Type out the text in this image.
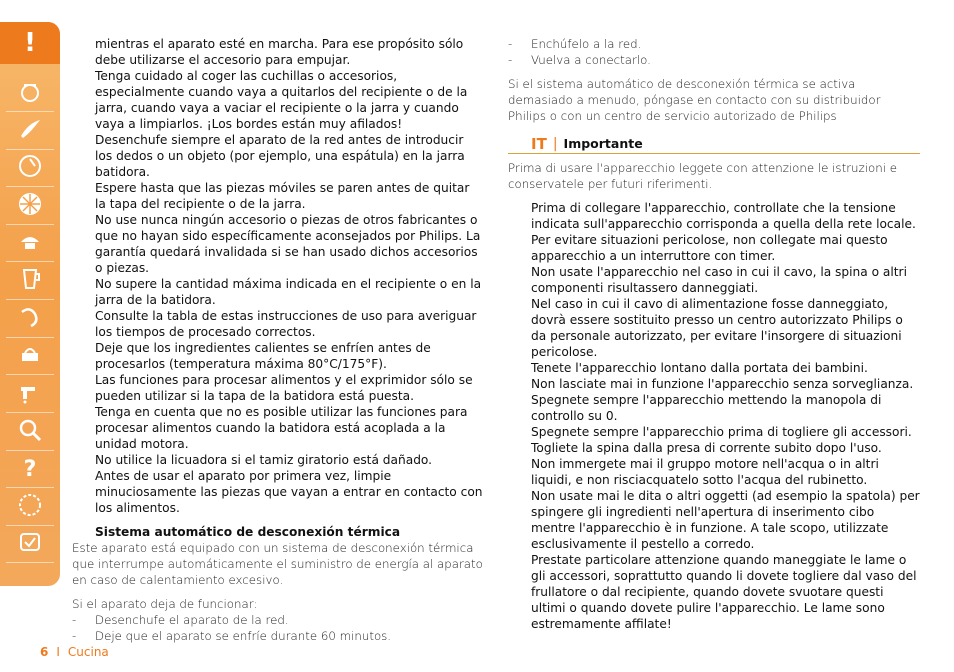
!
?

mientras el aparato esté en marcha. Para ese propósito sólo debe utilizarse el accesorio para empujar.

Tenga cuidado al coger las cuchillas o accesorios, especialmente cuando vaya a quitarlos del recipiente o de la jarra, cuando vaya a vaciar el recipiente o la jarra y cuando vaya a limpiarlos. ¡Los bordes están muy afilados!

Desenchufe siempre el aparato de la red antes de introducir los dedos o un objeto (por ejemplo, una espátula) en la jarra batidora.

Espere hasta que las piezas móviles se paren antes de quitar la tapa del recipiente o de la jarra.

No use nunca ningún accesorio o piezas de otros fabricantes o que no hayan sido específicamente aconsejados por Philips. La garantía quedará invalidada si se han usado dichos accesorios o piezas.

No supere la cantidad máxima indicada en el recipiente o en la jarra de la batidora.

Consulte la tabla de estas instrucciones de uso para averiguar los tiempos de procesado correctos.

Deje que los ingredientes calientes se enfríen antes de procesarlos (temperatura máxima 80°C/175°F).

Las funciones para procesar alimentos y el exprimidor sólo se pueden utilizar si la tapa de la batidora está puesta.

Tenga en cuenta que no es posible utilizar las funciones para procesar alimentos cuando la batidora está acoplada a la unidad motora.

No utilice la licuadora si el tamiz giratorio está dañado.

Antes de usar el aparato por primera vez, limpie minuciosamente las piezas que vayan a entrar en contacto con los alimentos.

Sistema automático de desconexión térmica

Este aparato está equipado con un sistema de desconexión térmica que interrumpe automáticamente el suministro de energía al aparato en caso de calentamiento excesivo.

Si el aparato deja de funcionar:

-	Desenchufe el aparato de la red.
-	Deje que el aparato se enfríe durante 60 minutos.
-	Enchúfelo a la red.
-	Vuelva a conectarlo.

Si el sistema automático de desconexión térmica se activa demasiado a menudo, póngase en contacto con su distribuidor Philips o con un centro de servicio autorizado de Philips

IT | Importante

Prima di usare l'apparecchio leggete con attenzione le istruzioni e conservatele per futuri riferimenti.

Prima di collegare l'apparecchio, controllate che la tensione indicata sull'apparecchio corrisponda a quella della rete locale.

Per evitare situazioni pericolose, non collegate mai questo apparecchio a un interruttore con timer.

Non usate l'apparecchio nel caso in cui il cavo, la spina o altri componenti risultassero danneggiati.

Nel caso in cui il cavo di alimentazione fosse danneggiato, dovrà essere sostituito presso un centro autorizzato Philips o da personale autorizzato, per evitare l'insorgere di situazioni pericolose.

Tenete l'apparecchio lontano dalla portata dei bambini.

Non lasciate mai in funzione l'apparecchio senza sorveglianza.

Spegnete sempre l'apparecchio mettendo la manopola di controllo su 0.

Spegnete sempre l'apparecchio prima di togliere gli accessori.

Togliete la spina dalla presa di corrente subito dopo l'uso.

Non immergete mai il gruppo motore nell'acqua o in altri liquidi, e non risciacquatelo sotto l'acqua del rubinetto.

Non usate mai le dita o altri oggetti (ad esempio la spatola) per spingere gli ingredienti nell'apertura di inserimento cibo mentre l'apparecchio è in funzione. A tale scopo, utilizzate esclusivamente il pestello a corredo.

Prestate particolare attenzione quando maneggiate le lame o gli accessori, soprattutto quando li dovete togliere dal vaso del frullatore o dal recipiente, quando dovete svuotare questi ultimi o quando dovete pulire l'apparecchio. Le lame sono estremamente affilate!

6 I Cucina
